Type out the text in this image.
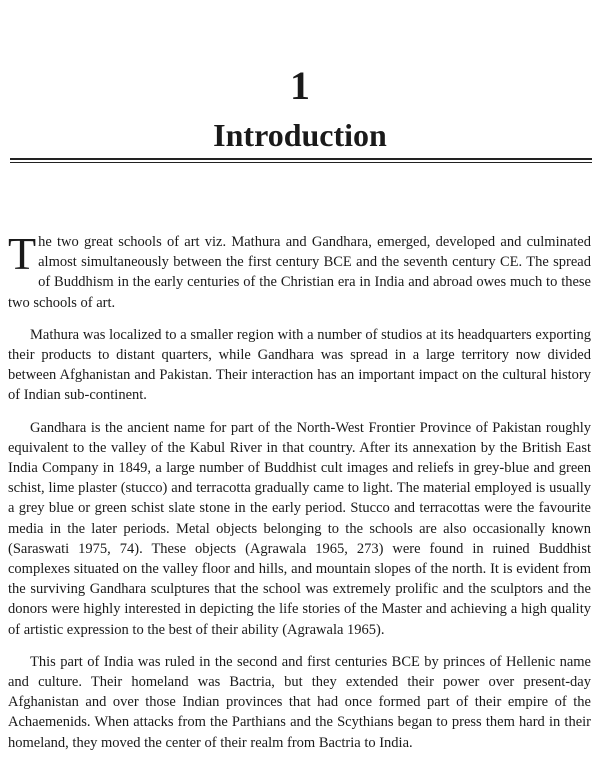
1
Introduction

The two great schools of art viz. Mathura and Gandhara, emerged, developed and culminated almost simultaneously between the first century BCE and the seventh century CE. The spread of Buddhism in the early centuries of the Christian era in India and abroad owes much to these two schools of art.

Mathura was localized to a smaller region with a number of studios at its headquarters exporting their products to distant quarters, while Gandhara was spread in a large territory now divided between Afghanistan and Pakistan. Their interaction has an important impact on the cultural history of Indian sub-continent.

Gandhara is the ancient name for part of the North-West Frontier Province of Pakistan roughly equivalent to the valley of the Kabul River in that country. After its annexation by the British East India Company in 1849, a large number of Buddhist cult images and reliefs in grey-blue and green schist, lime plaster (stucco) and terracotta gradually came to light. The material employed is usually a grey blue or green schist slate stone in the early period. Stucco and terracottas were the favourite media in the later periods. Metal objects belonging to the schools are also occasionally known (Saraswati 1975, 74). These objects (Agrawala 1965, 273) were found in ruined Buddhist complexes situated on the valley floor and hills, and mountain slopes of the north. It is evident from the surviving Gandhara sculptures that the school was extremely prolific and the sculptors and the donors were highly interested in depicting the life stories of the Master and achieving a high quality of artistic expression to the best of their ability (Agrawala 1965).

This part of India was ruled in the second and first centuries BCE by princes of Hellenic name and culture. Their homeland was Bactria, but they extended their power over present-day Afghanistan and over those Indian provinces that had once formed part of their empire of the Achaemenids. When attacks from the Parthians and the Scythians began to press them hard in their homeland, they moved the center of their realm from Bactria to India.
